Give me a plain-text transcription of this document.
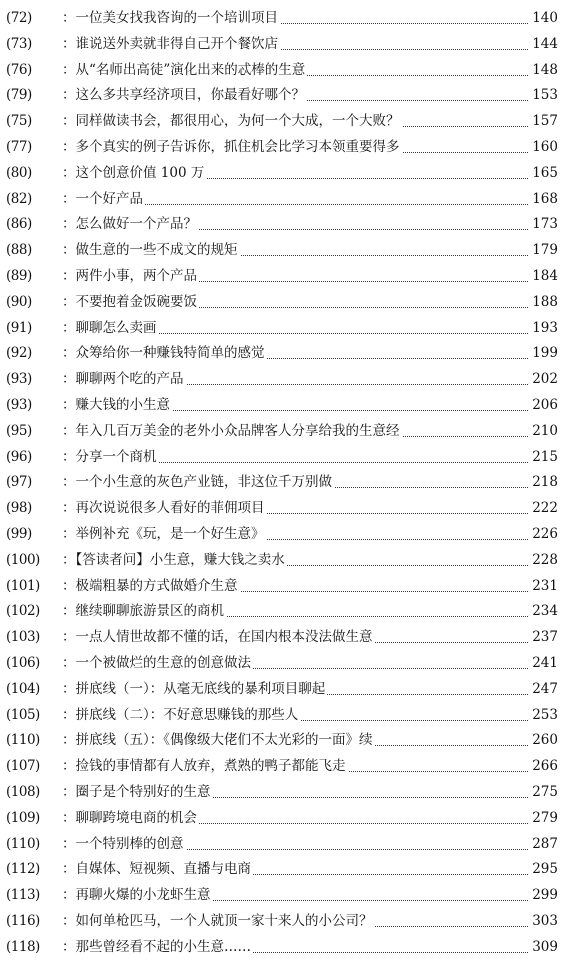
(72) ：一位美女找我咨询的一个培训项目	140
(73) ：谁说送外卖就非得自己开个餐饮店	144
(76) ：从“名师出高徒”演化出来的忒棒的生意	148
(79) ：这么多共享经济项目，你最看好哪个？	153
(75) ：同样做读书会，都很用心，为何一个大成，一个大败？	157
(77) ：多个真实的例子告诉你，抓住机会比学习本领重要得多	160
(80) ：这个创意价值 100 万	165
(82) ：一个好产品	168
(86) ：怎么做好一个产品？	173
(88) ：做生意的一些不成文的规矩	179
(89) ：两件小事，两个产品	184
(90) ：不要抱着金饭碗要饭	188
(91) ：聊聊怎么卖画	193
(92) ：众筹给你一种赚钱特简单的感觉	199
(93) ：聊聊两个吃的产品	202
(93) ：赚大钱的小生意	206
(95) ：年入几百万美金的老外小众品牌客人分享给我的生意经	210
(96) ：分享一个商机	215
(97) ：一个小生意的灰色产业链，非这位千万别做	218
(98) ：再次说说很多人看好的菲佣项目	222
(99) ：举例补充《玩，是一个好生意》	226
(100) ：【答读者问】小生意，赚大钱之卖水	228
(101) ：极端粗暴的方式做婚介生意	231
(102) ：继续聊聊旅游景区的商机	234
(103) ：一点人情世故都不懂的话，在国内根本没法做生意	237
(106) ：一个被做烂的生意的创意做法	241
(104) ：拼底线（一）：从毫无底线的暴利项目聊起	247
(105) ：拼底线（二）：不好意思赚钱的那些人	253
(110) ：拼底线（五）：《偶像级大佬们不太光彩的一面》续	260
(107) ：捡钱的事情都有人放弃，煮熟的鸭子都能飞走	266
(108) ：圈子是个特别好的生意	275
(109) ：聊聊跨境电商的机会	279
(110) ：一个特别棒的创意	287
(112) ：自媒体、短视频、直播与电商	295
(113) ：再聊火爆的小龙虾生意	299
(116) ：如何单枪匹马，一个人就顶一家十来人的小公司？	303
(118) ：那些曾经看不起的小生意……	309
